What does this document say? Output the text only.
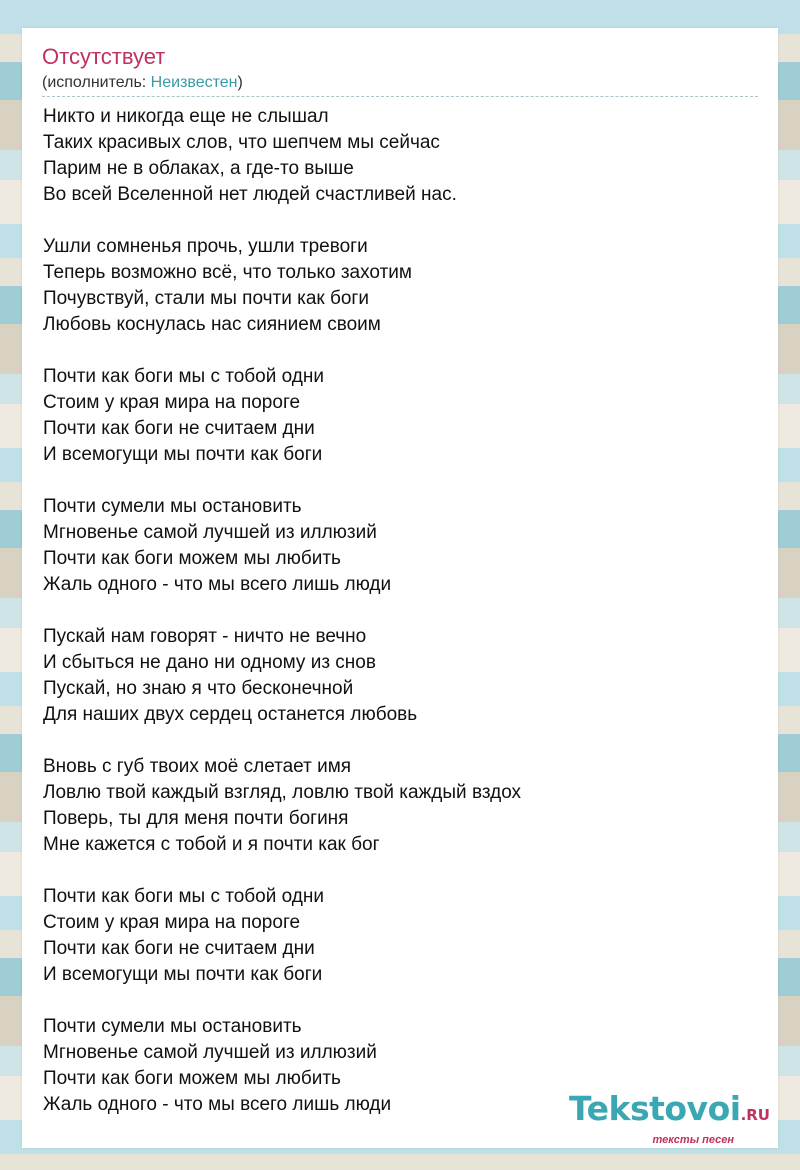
Отсутствует
(исполнитель: Неизвестен)
Никто и никогда еще не слышал
Таких красивых слов, что шепчем мы сейчас
Парим не в облаках, а где-то выше
Во всей Вселенной нет людей счастливей нас.
Ушли сомненья прочь, ушли тревоги
Теперь возможно всё, что только захотим
Почувствуй, стали мы почти как боги
Любовь коснулась нас сиянием своим
Почти как боги мы с тобой одни
Стоим у края мира на пороге
Почти как боги не считаем дни
И всемогущи мы почти как боги
Почти сумели мы остановить
Мгновенье самой лучшей из иллюзий
Почти как боги можем мы любить
Жаль одного - что мы всего лишь люди
Пускай нам говорят - ничто не вечно
И сбыться не дано ни одному из снов
Пускай, но знаю я что бесконечной
Для наших двух сердец останется любовь
Вновь с губ твоих моё слетает имя
Ловлю твой каждый взгляд, ловлю твой каждый вздох
Поверь, ты для меня почти богиня
Мне кажется с тобой и я почти как бог
Почти как боги мы с тобой одни
Стоим у края мира на пороге
Почти как боги не считаем дни
И всемогущи мы почти как боги
Почти сумели мы остановить
Мгновенье самой лучшей из иллюзий
Почти как боги можем мы любить
Жаль одного - что мы всего лишь люди	Tekstovoi.RU
тексты песен
